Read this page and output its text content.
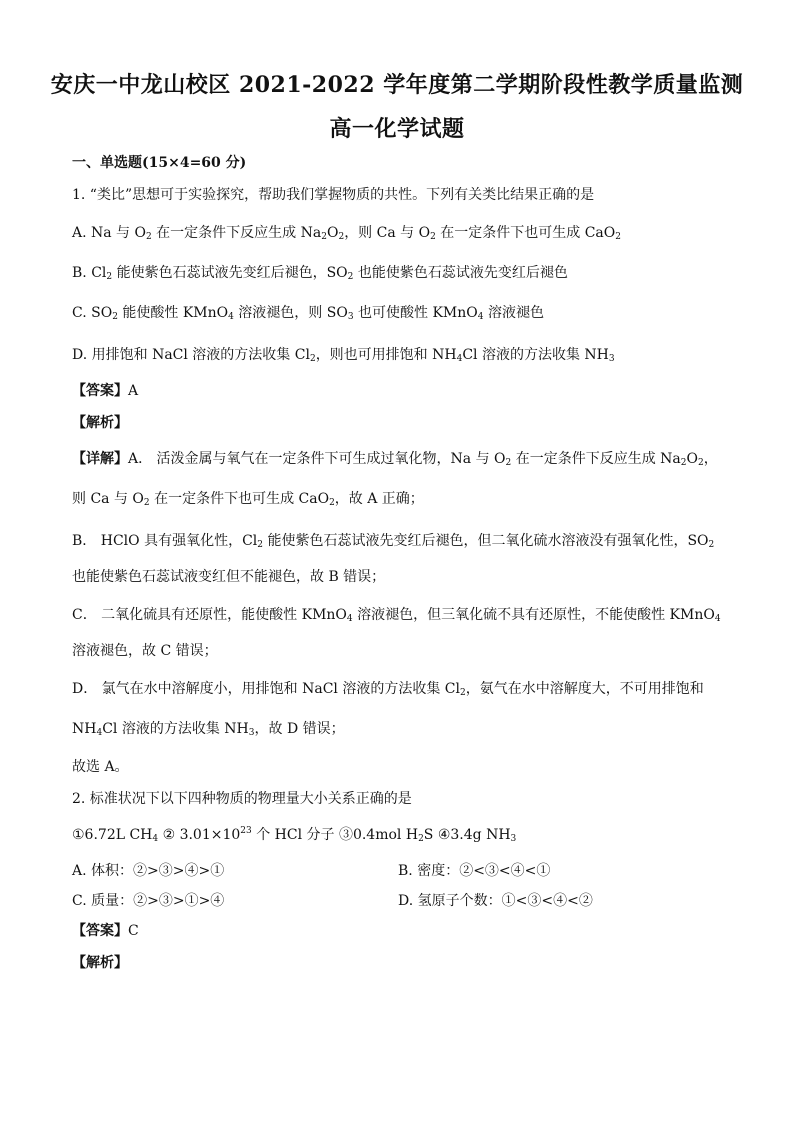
安庆一中龙山校区 2021-2022 学年度第二学期阶段性教学质量监测
高一化学试题
一、单选题(15×4=60 分)
1. “类比”思想可于实验探究，帮助我们掌握物质的共性。下列有关类比结果正确的是
A. Na 与 $O_2$ 在一定条件下反应生成 $Na_2O_2$，则 Ca 与 $O_2$ 在一定条件下也可生成 CaO$_2$
B. $Cl_2$ 能使紫色石蕊试液先变红后褪色，$SO_2$ 也能使紫色石蕊试液先变红后褪色
C. $SO_2$ 能使酸性 KMnO$_4$ 溶液褪色，则 $SO_3$ 也可使酸性 KMnO$_4$ 溶液褪色
D. 用排饱和 NaCl 溶液的方法收集 $Cl_2$，则也可用排饱和 $NH_4Cl$ 溶液的方法收集 $NH_3$
【答案】A
【解析】
【详解】A． 活泼金属与氧气在一定条件下可生成过氧化物，Na 与 $O_2$ 在一定条件下反应生成 $Na_2O_2$，
则 Ca 与 $O_2$ 在一定条件下也可生成 CaO$_2$，故 A 正确；
B． HClO 具有强氧化性，$Cl_2$ 能使紫色石蕊试液先变红后褪色，但二氧化硫水溶液没有强氧化性，$SO_2$
也能使紫色石蕊试液变红但不能褪色，故 B 错误；
C． 二氧化硫具有还原性，能使酸性 KMnO$_4$ 溶液褪色，但三氧化硫不具有还原性，不能使酸性 KMnO$_4$
溶液褪色，故 C 错误；
D． 氯气在水中溶解度小，用排饱和 NaCl 溶液的方法收集 $Cl_2$，氨气在水中溶解度大，不可用排饱和
$NH_4Cl$ 溶液的方法收集 $NH_3$，故 D 错误；
故选 A。
2. 标准状况下以下四种物质的物理量大小关系正确的是
①6.72L $CH_4$ ② $3.01\times 10^{23}$ 个 HCl 分子 ③0.4mol $H_2S$ ④3.4g $NH_3$
A. 体积：②>③>④>①	B. 密度：②<③<④<①
C. 质量：②>③>①>④	D. 氢原子个数：①<③<④<②
【答案】C
【解析】
